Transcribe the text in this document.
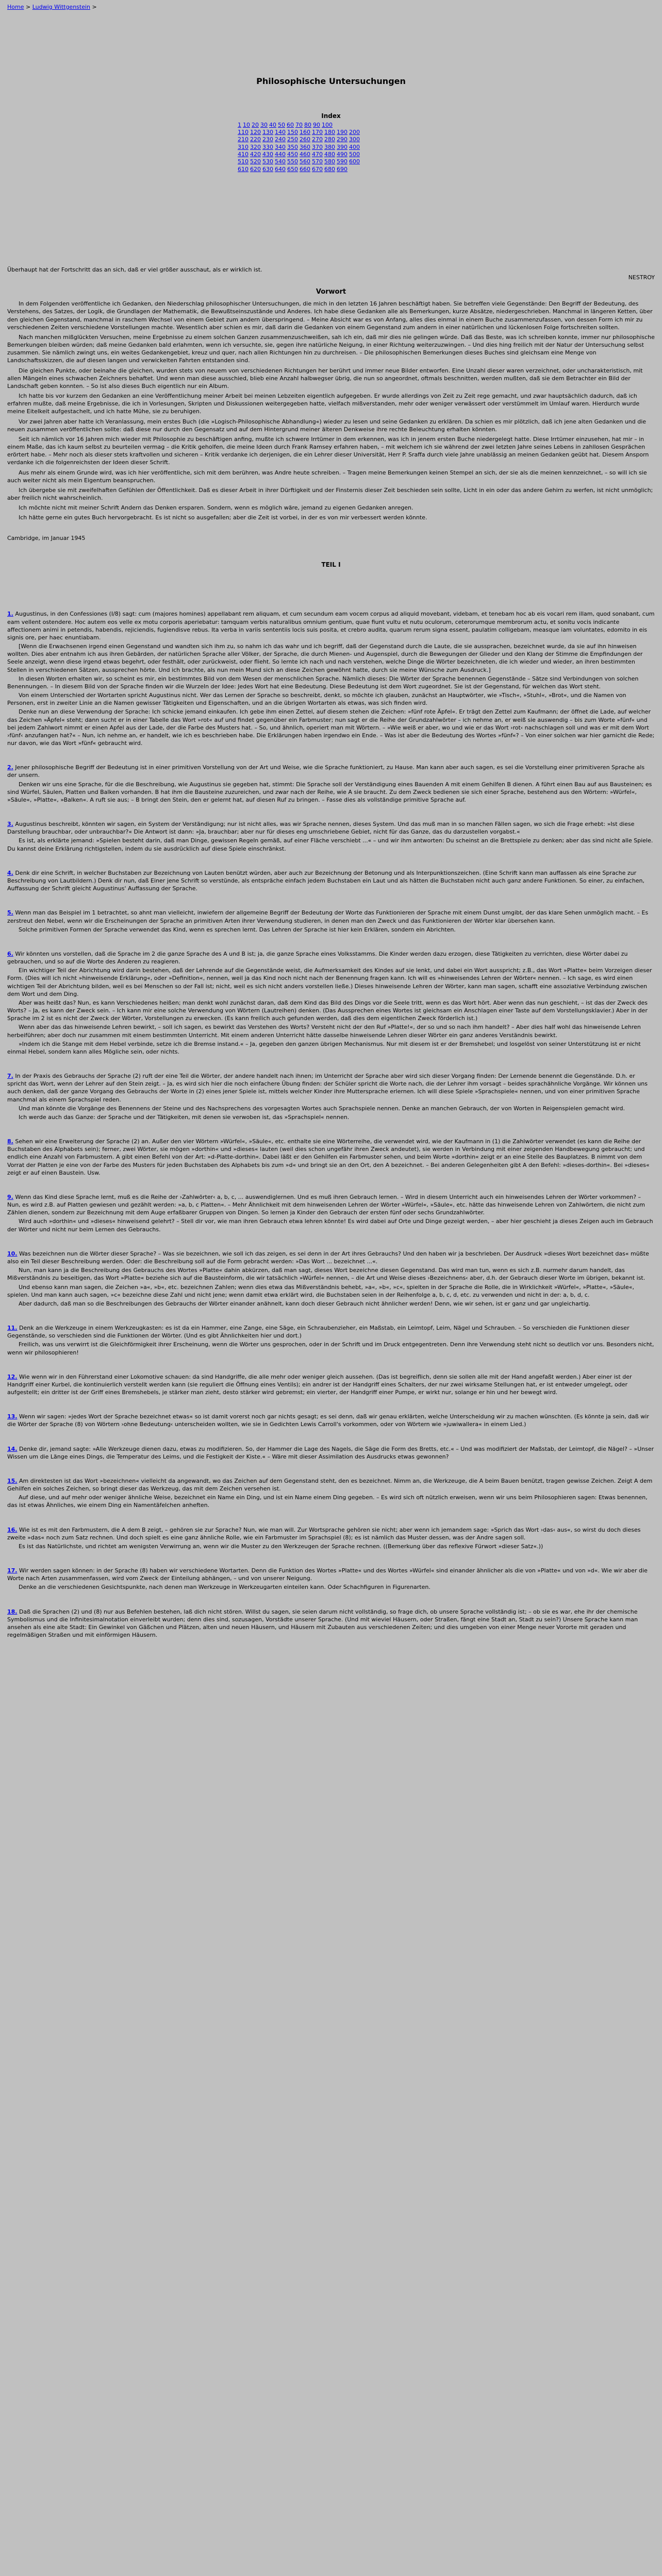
Home > Ludwig Wittgenstein >
Philosophische Untersuchungen
Index
1 10 20 30 40 50 60 70 80 90 100
110 120 130 140 150 160 170 180 190 200
210 220 230 240 250 260 270 280 290 300
310 320 330 340 350 360 370 380 390 400
410 420 430 440 450 460 470 480 490 500
510 520 530 540 550 560 570 580 590 600
610 620 630 640 650 660 670 680 690
Überhaupt hat der Fortschritt das an sich, daß er viel größer ausschaut, als er wirklich ist.
NESTROY
Vorwort

In dem Folgenden veröffentliche ich Gedanken, den Niederschlag philosophischer Untersuchungen, die mich in den letzten 16 Jahren beschäftigt haben. Sie betreffen viele Gegenstände: Den Begriff der Bedeutung, des Verstehens, des Satzes, der Logik, die Grundlagen der Mathematik, die Bewußtseinszustände und Anderes. Ich habe diese Gedanken alle als Bemerkungen, kurze Absätze, niedergeschrieben. Manchmal in längeren Ketten, über den gleichen Gegenstand, manchmal in raschem Wechsel von einem Gebiet zum andern überspringend. – Meine Absicht war es von Anfang, alles dies einmal in einem Buche zusammenzufassen, von dessen Form ich mir zu verschiedenen Zeiten verschiedene Vorstellungen machte. Wesentlich aber schien es mir, daß darin die Gedanken von einem Gegenstand zum andern in einer natürlichen und lückenlosen Folge fortschreiten sollten.

Nach manchen mißglückten Versuchen, meine Ergebnisse zu einem solchen Ganzen zusammenzuschweißen, sah ich ein, daß mir dies nie gelingen würde. Daß das Beste, was ich schreiben konnte, immer nur philosophische Bemerkungen bleiben würden; daß meine Gedanken bald erlahmten, wenn ich versuchte, sie, gegen ihre natürliche Neigung, in einer Richtung weiterzuzwingen. – Und dies hing freilich mit der Natur der Untersuchung selbst zusammen. Sie nämlich zwingt uns, ein weites Gedankengebiet, kreuz und quer, nach allen Richtungen hin zu durchreisen. – Die philosophischen Bemerkungen dieses Buches sind gleichsam eine Menge von Landschaftsskizzen, die auf diesen langen und verwickelten Fahrten entstanden sind.

Die gleichen Punkte, oder beinahe die gleichen, wurden stets von neuem von verschiedenen Richtungen her berührt und immer neue Bilder entworfen. Eine Unzahl dieser waren verzeichnet, oder uncharakteristisch, mit allen Mängeln eines schwachen Zeichners behaftet. Und wenn man diese ausschied, blieb eine Anzahl halbwegser übrig, die nun so angeordnet, oftmals beschnitten, werden mußten, daß sie dem Betrachter ein Bild der Landschaft geben konnten. – So ist also dieses Buch eigentlich nur ein Album.

Ich hatte bis vor kurzem den Gedanken an eine Veröffentlichung meiner Arbeit bei meinen Lebzeiten eigentlich aufgegeben. Er wurde allerdings von Zeit zu Zeit rege gemacht, und zwar hauptsächlich dadurch, daß ich erfahren mußte, daß meine Ergebnisse, die ich in Vorlesungen, Skripten und Diskussionen weitergegeben hatte, vielfach mißverstanden, mehr oder weniger verwässert oder verstümmelt im Umlauf waren. Hierdurch wurde meine Eitelkeit aufgestachelt, und ich hatte Mühe, sie zu beruhigen.

Vor zwei Jahren aber hatte ich Veranlassung, mein erstes Buch (die »Logisch-Philosophische Abhandlung«) wieder zu lesen und seine Gedanken zu erklären. Da schien es mir plötzlich, daß ich jene alten Gedanken und die neuen zusammen veröffentlichen sollte: daß diese nur durch den Gegensatz und auf dem Hintergrund meiner älteren Denkweise ihre rechte Beleuchtung erhalten könnten.

Seit ich nämlich vor 16 Jahren mich wieder mit Philosophie zu beschäftigen anfing, mußte ich schwere Irrtümer in dem erkennen, was ich in jenem ersten Buche niedergelegt hatte. Diese Irrtümer einzusehen, hat mir – in einem Maße, das ich kaum selbst zu beurteilen vermag – die Kritik geholfen, die meine Ideen durch Frank Ramsey erfahren haben, – mit welchem ich sie während der zwei letzten Jahre seines Lebens in zahllosen Gesprächen erörtert habe. – Mehr noch als dieser stets kraftvollen und sicheren – Kritik verdanke ich derjenigen, die ein Lehrer dieser Universität, Herr P. Sraffa durch viele Jahre unablässig an meinen Gedanken geübt hat. Diesem Ansporn verdanke ich die folgenreichsten der Ideen dieser Schrift.

Aus mehr als einem Grunde wird, was ich hier veröffentliche, sich mit dem berühren, was Andre heute schreiben. – Tragen meine Bemerkungen keinen Stempel an sich, der sie als die meinen kennzeichnet, – so will ich sie auch weiter nicht als mein Eigentum beanspruchen.

Ich übergebe sie mit zweifelhaften Gefühlen der Öffentlichkeit. Daß es dieser Arbeit in ihrer Dürftigkeit und der Finsternis dieser Zeit beschieden sein sollte, Licht in ein oder das andere Gehirn zu werfen, ist nicht unmöglich; aber freilich nicht wahrscheinlich.

Ich möchte nicht mit meiner Schrift Andern das Denken ersparen. Sondern, wenn es möglich wäre, jemand zu eigenen Gedanken anregen.

Ich hätte gerne ein gutes Buch hervorgebracht. Es ist nicht so ausgefallen; aber die Zeit ist vorbei, in der es von mir verbessert werden könnte.

Cambridge, im Januar 1945

TEIL I

1. Augustinus, in den Confessiones (I/8) sagt: cum (majores homines) appellabant rem aliquam, et cum secundum eam vocem corpus ad aliquid movebant, videbam, et tenebam hoc ab eis vocari rem illam, quod sonabant, cum eam vellent ostendere. Hoc autem eos velle ex motu corporis aperiebatur: tamquam verbis naturalibus omnium gentium, quae fiunt vultu et nutu oculorum, ceterorumque membrorum actu, et sonitu vocis indicante affectionem animi in petendis, habendis, rejiciendis, fugiendisve rebus. Ita verba in variis sententiis locis suis posita, et crebro audita, quarum rerum signa essent, paulatim colligebam, measque iam voluntates, edomito in eis signis ore, per haec enuntiabam.

[Wenn die Erwachsenen irgend einen Gegenstand und wandten sich ihm zu, so nahm ich das wahr und ich begriff, daß der Gegenstand durch die Laute, die sie aussprachen, bezeichnet wurde, da sie auf ihn hinweisen wollten. Dies aber entnahm ich aus ihren Gebärden, der natürlichen Sprache aller Völker, der Sprache, die durch Mienen- und Augenspiel, durch die Bewegungen der Glieder und den Klang der Stimme die Empfindungen der Seele anzeigt, wenn diese irgend etwas begehrt, oder festhält, oder zurückweist, oder flieht. So lernte ich nach und nach verstehen, welche Dinge die Wörter bezeichneten, die ich wieder und wieder, an ihren bestimmten Stellen in verschiedenen Sätzen, aussprechen hörte. Und ich brachte, als nun mein Mund sich an diese Zeichen gewöhnt hatte, durch sie meine Wünsche zum Ausdruck.]

In diesen Worten erhalten wir, so scheint es mir, ein bestimmtes Bild von dem Wesen der menschlichen Sprache. Nämlich dieses: Die Wörter der Sprache benennen Gegenstände – Sätze sind Verbindungen von solchen Benennungen. – In diesem Bild von der Sprache finden wir die Wurzeln der Idee: Jedes Wort hat eine Bedeutung. Diese Bedeutung ist dem Wort zugeordnet. Sie ist der Gegenstand, für welchen das Wort steht.

Von einem Unterschied der Wortarten spricht Augustinus nicht. Wer das Lernen der Sprache so beschreibt, denkt, so möchte ich glauben, zunächst an Hauptwörter, wie »Tisch«, »Stuhl«, »Brot«, und die Namen von Personen, erst in zweiter Linie an die Namen gewisser Tätigkeiten und Eigenschaften, und an die übrigen Wortarten als etwas, was sich finden wird.

Denke nun an diese Verwendung der Sprache: Ich schicke jemand einkaufen. Ich gebe ihm einen Zettel, auf diesem stehen die Zeichen: »fünf rote Äpfel«. Er trägt den Zettel zum Kaufmann; der öffnet die Lade, auf welcher das Zeichen »Äpfel« steht; dann sucht er in einer Tabelle das Wort »rot« auf und findet gegenüber ein Farbmuster; nun sagt er die Reihe der Grundzahlwörter – ich nehme an, er weiß sie auswendig – bis zum Worte »fünf« und bei jedem Zahlwort nimmt er einen Apfel aus der Lade, der die Farbe des Musters hat. – So, und ähnlich, operiert man mit Wörtern. – »Wie weiß er aber, wo und wie er das Wort ›rot‹ nachschlagen soll und was er mit dem Wort ›fünf‹ anzufangen hat?« – Nun, ich nehme an, er handelt, wie ich es beschrieben habe. Die Erklärungen haben irgendwo ein Ende. – Was ist aber die Bedeutung des Wortes »fünf«? – Von einer solchen war hier garnicht die Rede; nur davon, wie das Wort »fünf« gebraucht wird.

2. Jener philosophische Begriff der Bedeutung ist in einer primitiven Vorstellung von der Art und Weise, wie die Sprache funktioniert, zu Hause. Man kann aber auch sagen, es sei die Vorstellung einer primitiveren Sprache als der unsern.

Denken wir uns eine Sprache, für die die Beschreibung, wie Augustinus sie gegeben hat, stimmt: Die Sprache soll der Verständigung eines Bauenden A mit einem Gehilfen B dienen. A führt einen Bau auf aus Bausteinen; es sind Würfel, Säulen, Platten und Balken vorhanden. B hat ihm die Bausteine zuzureichen, und zwar nach der Reihe, wie A sie braucht. Zu dem Zweck bedienen sie sich einer Sprache, bestehend aus den Wörtern: »Würfel«, »Säule«, »Platte«, »Balken«. A ruft sie aus; – B bringt den Stein, den er gelernt hat, auf diesen Ruf zu bringen. – Fasse dies als vollständige primitive Sprache auf.

3. Augustinus beschreibt, könnten wir sagen, ein System der Verständigung; nur ist nicht alles, was wir Sprache nennen, dieses System. Und das muß man in so manchen Fällen sagen, wo sich die Frage erhebt: »Ist diese Darstellung brauchbar, oder unbrauchbar?« Die Antwort ist dann: »Ja, brauchbar; aber nur für dieses eng umschriebene Gebiet, nicht für das Ganze, das du darzustellen vorgabst.«

Es ist, als erklärte jemand: »Spielen besteht darin, daß man Dinge, gewissen Regeln gemäß, auf einer Fläche verschiebt ...« – und wir ihm antworten: Du scheinst an die Brettspiele zu denken; aber das sind nicht alle Spiele. Du kannst deine Erklärung richtigstellen, indem du sie ausdrücklich auf diese Spiele einschränkst.

4. Denk dir eine Schrift, in welcher Buchstaben zur Bezeichnung von Lauten benützt würden, aber auch zur Bezeichnung der Betonung und als Interpunktionszeichen. (Eine Schrift kann man auffassen als eine Sprache zur Beschreibung von Lautbildern.) Denk dir nun, daß Einer jene Schrift so verstünde, als entspräche einfach jedem Buchstaben ein Laut und als hätten die Buchstaben nicht auch ganz andere Funktionen. So einer, zu einfachen, Auffassung der Schrift gleicht Augustinus' Auffassung der Sprache.

5. Wenn man das Beispiel im 1 betrachtet, so ahnt man vielleicht, inwiefern der allgemeine Begriff der Bedeutung der Worte das Funktionieren der Sprache mit einem Dunst umgibt, der das klare Sehen unmöglich macht. – Es zerstreut den Nebel, wenn wir die Erscheinungen der Sprache an primitiven Arten ihrer Verwendung studieren, in denen man den Zweck und das Funktionieren der Wörter klar übersehen kann.

Solche primitiven Formen der Sprache verwendet das Kind, wenn es sprechen lernt. Das Lehren der Sprache ist hier kein Erklären, sondern ein Abrichten.

6. Wir könnten uns vorstellen, daß die Sprache im 2 die ganze Sprache des A und B ist; ja, die ganze Sprache eines Volksstamms. Die Kinder werden dazu erzogen, diese Tätigkeiten zu verrichten, diese Wörter dabei zu gebrauchen, und so auf die Worte des Anderen zu reagieren.

Ein wichtiger Teil der Abrichtung wird darin bestehen, daß der Lehrende auf die Gegenstände weist, die Aufmerksamkeit des Kindes auf sie lenkt, und dabei ein Wort ausspricht; z.B., das Wort »Platte« beim Vorzeigen dieser Form. (Dies will ich nicht »hinweisende Erklärung«, oder »Definition«, nennen, weil ja das Kind noch nicht nach der Benennung fragen kann. Ich will es »hinweisendes Lehren der Wörter« nennen. – Ich sage, es wird einen wichtigen Teil der Abrichtung bilden, weil es bei Menschen so der Fall ist; nicht, weil es sich nicht anders vorstellen ließe.) Dieses hinweisende Lehren der Wörter, kann man sagen, schafft eine assoziative Verbindung zwischen dem Wort und dem Ding.

Aber was heißt das? Nun, es kann Verschiedenes heißen; man denkt wohl zunächst daran, daß dem Kind das Bild des Dings vor die Seele tritt, wenn es das Wort hört. Aber wenn das nun geschieht, – ist das der Zweck des Worts? – Ja, es kann der Zweck sein. – Ich kann mir eine solche Verwendung von Wörtern (Lautreihen) denken. (Das Aussprechen eines Wortes ist gleichsam ein Anschlagen einer Taste auf dem Vorstellungsklavier.) Aber in der Sprache im 2 ist es nicht der Zweck der Wörter, Vorstellungen zu erwecken. (Es kann freilich auch gefunden werden, daß dies dem eigentlichen Zweck förderlich ist.)

Wenn aber das das hinweisende Lehren bewirkt, – soll ich sagen, es bewirkt das Verstehen des Worts? Versteht nicht der den Ruf »Platte!«, der so und so nach ihm handelt? – Aber dies half wohl das hinweisende Lehren herbeiführen; aber doch nur zusammen mit einem bestimmten Unterricht. Mit einem anderen Unterricht hätte dasselbe hinweisende Lehren dieser Wörter ein ganz anderes Verständnis bewirkt.

»Indem ich die Stange mit dem Hebel verbinde, setze ich die Bremse instand.« – Ja, gegeben den ganzen übrigen Mechanismus. Nur mit diesem ist er der Bremshebel; und losgelöst von seiner Unterstützung ist er nicht einmal Hebel, sondern kann alles Mögliche sein, oder nichts.

7. In der Praxis des Gebrauchs der Sprache (2) ruft der eine Teil die Wörter, der andere handelt nach ihnen; im Unterricht der Sprache aber wird sich dieser Vorgang finden: Der Lernende benennt die Gegenstände. D.h. er spricht das Wort, wenn der Lehrer auf den Stein zeigt. – Ja, es wird sich hier die noch einfachere Übung finden: der Schüler spricht die Worte nach, die der Lehrer ihm vorsagt – beides sprachähnliche Vorgänge. Wir können uns auch denken, daß der ganze Vorgang des Gebrauchs der Worte in (2) eines jener Spiele ist, mittels welcher Kinder ihre Muttersprache erlernen. Ich will diese Spiele »Sprachspiele« nennen, und von einer primitiven Sprache manchmal als einem Sprachspiel reden.

Und man könnte die Vorgänge des Benennens der Steine und des Nachsprechens des vorgesagten Wortes auch Sprachspiele nennen. Denke an manchen Gebrauch, der von Worten in Reigenspielen gemacht wird.

Ich werde auch das Ganze: der Sprache und der Tätigkeiten, mit denen sie verwoben ist, das »Sprachspiel« nennen.

8. Sehen wir eine Erweiterung der Sprache (2) an. Außer den vier Wörtern »Würfel«, »Säule«, etc. enthalte sie eine Wörterreihe, die verwendet wird, wie der Kaufmann in (1) die Zahlwörter verwendet (es kann die Reihe der Buchstaben des Alphabets sein); ferner, zwei Wörter, sie mögen »dorthin« und »dieses« lauten (weil dies schon ungefähr ihren Zweck andeutet), sie werden in Verbindung mit einer zeigenden Handbewegung gebraucht; und endlich eine Anzahl von Farbmustern. A gibt einen Befehl von der Art: »d-Platte-dorthin«. Dabei läßt er den Gehilfen ein Farbmuster sehen, und beim Worte »dorthin« zeigt er an eine Stelle des Bauplatzes. B nimmt von dem Vorrat der Platten je eine von der Farbe des Musters für jeden Buchstaben des Alphabets bis zum »d« und bringt sie an den Ort, den A bezeichnet. – Bei anderen Gelegenheiten gibt A den Befehl: »dieses-dorthin«. Bei »dieses« zeigt er auf einen Baustein. Usw.

9. Wenn das Kind diese Sprache lernt, muß es die Reihe der ›Zahlwörter‹ a, b, c, ... auswendiglernen. Und es muß ihren Gebrauch lernen. – Wird in diesem Unterricht auch ein hinweisendes Lehren der Wörter vorkommen? – Nun, es wird z.B. auf Platten gewiesen und gezählt werden: »a, b, c Platten«. – Mehr Ähnlichkeit mit dem hinweisenden Lehren der Wörter »Würfel«, »Säule«, etc. hätte das hinweisende Lehren von Zahlwörtern, die nicht zum Zählen dienen, sondern zur Bezeichnung mit dem Auge erfaßbarer Gruppen von Dingen. So lernen ja Kinder den Gebrauch der ersten fünf oder sechs Grundzahlwörter.

Wird auch »dorthin« und »dieses« hinweisend gelehrt? – Stell dir vor, wie man ihren Gebrauch etwa lehren könnte! Es wird dabei auf Orte und Dinge gezeigt werden, – aber hier geschieht ja dieses Zeigen auch im Gebrauch der Wörter und nicht nur beim Lernen des Gebrauchs.

10. Was bezeichnen nun die Wörter dieser Sprache? – Was sie bezeichnen, wie soll ich das zeigen, es sei denn in der Art ihres Gebrauchs? Und den haben wir ja beschrieben. Der Ausdruck »dieses Wort bezeichnet das« müßte also ein Teil dieser Beschreibung werden. Oder: die Beschreibung soll auf die Form gebracht werden: »Das Wort ... bezeichnet ...«.

Nun, man kann ja die Beschreibung des Gebrauchs des Wortes »Platte« dahin abkürzen, daß man sagt, dieses Wort bezeichne diesen Gegenstand. Das wird man tun, wenn es sich z.B. nurmehr darum handelt, das Mißverständnis zu beseitigen, das Wort »Platte« beziehe sich auf die Bausteinform, die wir tatsächlich »Würfel« nennen, – die Art und Weise dieses ›Bezeichnens‹ aber, d.h. der Gebrauch dieser Worte im übrigen, bekannt ist.

Und ebenso kann man sagen, die Zeichen »a«, »b«, etc. bezeichnen Zahlen; wenn dies etwa das Mißverständnis behebt, »a«, »b«, »c«, spielten in der Sprache die Rolle, die in Wirklichkeit »Würfel«, »Platte«, »Säule«, spielen. Und man kann auch sagen, »c« bezeichne diese Zahl und nicht jene; wenn damit etwa erklärt wird, die Buchstaben seien in der Reihenfolge a, b, c, d, etc. zu verwenden und nicht in der: a, b, d, c.

Aber dadurch, daß man so die Beschreibungen des Gebrauchs der Wörter einander anähnelt, kann doch dieser Gebrauch nicht ähnlicher werden! Denn, wie wir sehen, ist er ganz und gar ungleichartig.

11. Denk an die Werkzeuge in einem Werkzeugkasten: es ist da ein Hammer, eine Zange, eine Säge, ein Schraubenzieher, ein Maßstab, ein Leimtopf, Leim, Nägel und Schrauben. – So verschieden die Funktionen dieser Gegenstände, so verschieden sind die Funktionen der Wörter. (Und es gibt Ähnlichkeiten hier und dort.)

Freilich, was uns verwirrt ist die Gleichförmigkeit ihrer Erscheinung, wenn die Wörter uns gesprochen, oder in der Schrift und im Druck entgegentreten. Denn ihre Verwendung steht nicht so deutlich vor uns. Besonders nicht, wenn wir philosophieren!

12. Wie wenn wir in den Führerstand einer Lokomotive schauen: da sind Handgriffe, die alle mehr oder weniger gleich aussehen. (Das ist begreiflich, denn sie sollen alle mit der Hand angefaßt werden.) Aber einer ist der Handgriff einer Kurbel, die kontinuierlich verstellt werden kann (sie reguliert die Öffnung eines Ventils); ein andrer ist der Handgriff eines Schalters, der nur zwei wirksame Stellungen hat, er ist entweder umgelegt, oder aufgestellt; ein dritter ist der Griff eines Bremshebels, je stärker man zieht, desto stärker wird gebremst; ein vierter, der Handgriff einer Pumpe, er wirkt nur, solange er hin und her bewegt wird.

13. Wenn wir sagen: »jedes Wort der Sprache bezeichnet etwas« so ist damit vorerst noch gar nichts gesagt; es sei denn, daß wir genau erklärten, welche Unterscheidung wir zu machen wünschten. (Es könnte ja sein, daß wir die Wörter der Sprache (8) von Wörtern ›ohne Bedeutung‹ unterscheiden wollten, wie sie in Gedichten Lewis Carroll's vorkommen, oder von Wörtern wie »juwiwallera« in einem Lied.)

14. Denke dir, jemand sagte: »Alle Werkzeuge dienen dazu, etwas zu modifizieren. So, der Hammer die Lage des Nagels, die Säge die Form des Bretts, etc.« – Und was modifiziert der Maßstab, der Leimtopf, die Nägel? – »Unser Wissen um die Länge eines Dings, die Temperatur des Leims, und die Festigkeit der Kiste.« – Wäre mit dieser Assimilation des Ausdrucks etwas gewonnen?

15. Am direktesten ist das Wort »bezeichnen« vielleicht da angewandt, wo das Zeichen auf dem Gegenstand steht, den es bezeichnet. Nimm an, die Werkzeuge, die A beim Bauen benützt, tragen gewisse Zeichen. Zeigt A dem Gehilfen ein solches Zeichen, so bringt dieser das Werkzeug, das mit dem Zeichen versehen ist.

Auf diese, und auf mehr oder weniger ähnliche Weise, bezeichnet ein Name ein Ding, und ist ein Name einem Ding gegeben. – Es wird sich oft nützlich erweisen, wenn wir uns beim Philosophieren sagen: Etwas benennen, das ist etwas Ähnliches, wie einem Ding ein Namentäfelchen anheften.

16. Wie ist es mit den Farbmustern, die A dem B zeigt, – gehören sie zur Sprache? Nun, wie man will. Zur Wortsprache gehören sie nicht; aber wenn ich jemandem sage: »Sprich das Wort ›das‹ aus«, so wirst du doch dieses zweite »das« noch zum Satz rechnen. Und doch spielt es eine ganz ähnliche Rolle, wie ein Farbmuster im Sprachspiel (8); es ist nämlich das Muster dessen, was der Andre sagen soll.

Es ist das Natürlichste, und richtet am wenigsten Verwirrung an, wenn wir die Muster zu den Werkzeugen der Sprache rechnen. ((Bemerkung über das reflexive Fürwort »dieser Satz«.))

17. Wir werden sagen können: in der Sprache (8) haben wir verschiedene Wortarten. Denn die Funktion des Wortes »Platte« und des Wortes »Würfel« sind einander ähnlicher als die von »Platte« und von »d«. Wie wir aber die Worte nach Arten zusammenfassen, wird vom Zweck der Einteilung abhängen, – und von unserer Neigung.

Denke an die verschiedenen Gesichtspunkte, nach denen man Werkzeuge in Werkzeugarten einteilen kann. Oder Schachfiguren in Figurenarten.

18. Daß die Sprachen (2) und (8) nur aus Befehlen bestehen, laß dich nicht stören. Willst du sagen, sie seien darum nicht vollständig, so frage dich, ob unsere Sprache vollständig ist; – ob sie es war, ehe ihr der chemische Symbolismus und die Infinitesimalnotation einverleibt wurden; denn dies sind, sozusagen, Vorstädte unserer Sprache. (Und mit wieviel Häusern, oder Straßen, fängt eine Stadt an, Stadt zu sein?) Unsere Sprache kann man ansehen als eine alte Stadt: Ein Gewinkel von Gäßchen und Plätzen, alten und neuen Häusern, und Häusern mit Zubauten aus verschiedenen Zeiten; und dies umgeben von einer Menge neuer Vororte mit geraden und regelmäßigen Straßen und mit einförmigen Häusern.
